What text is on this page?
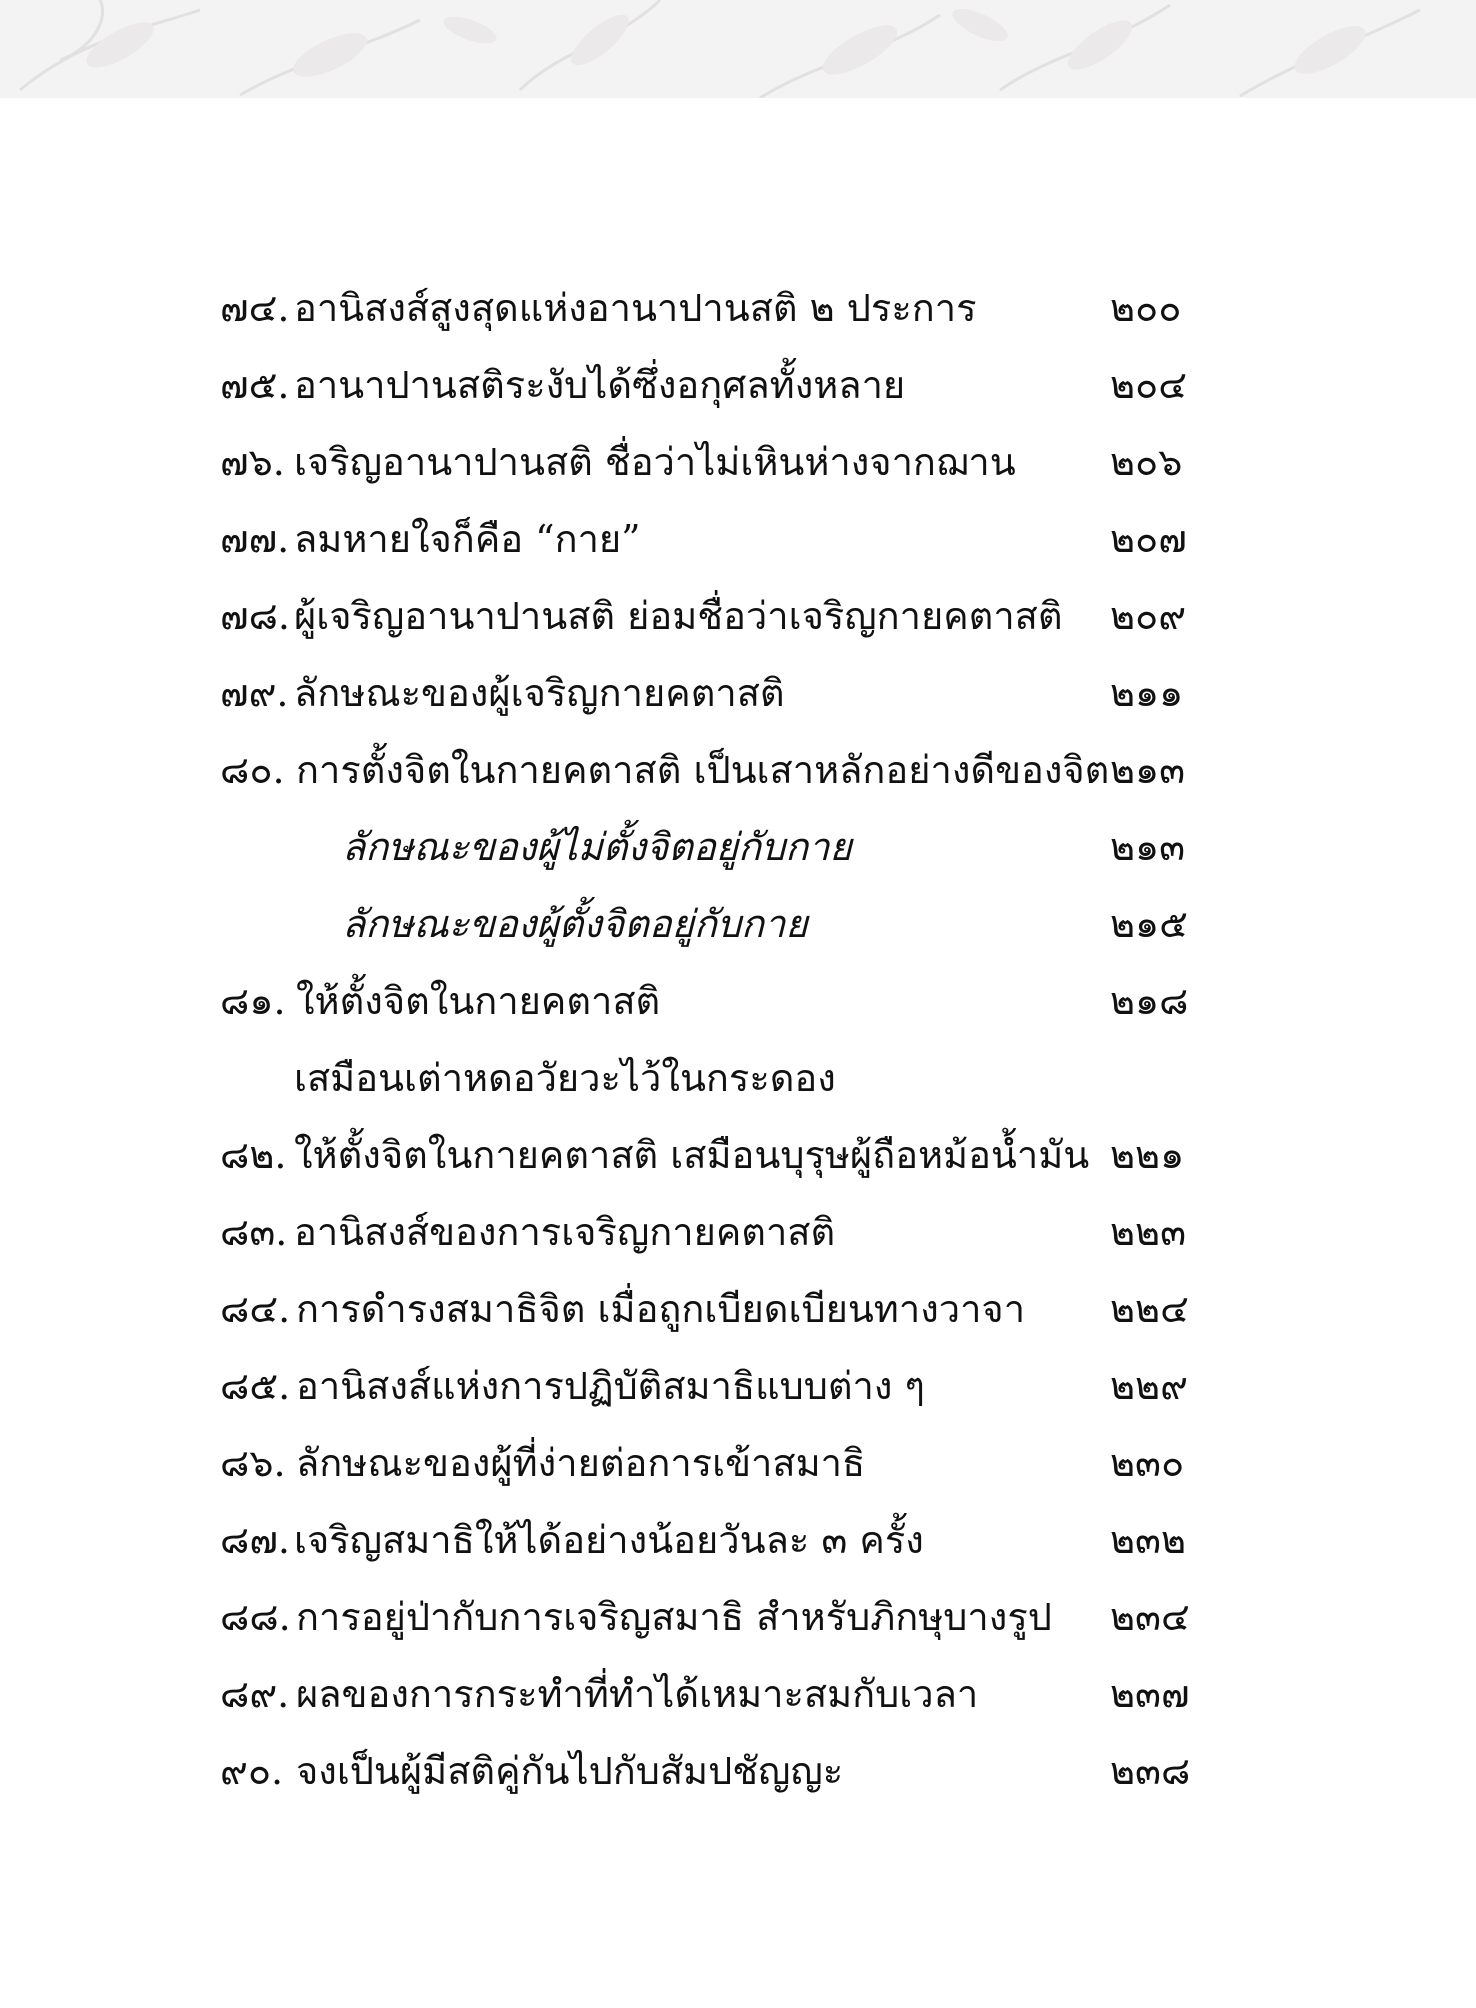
๗๔. อานิสงส์สูงสุดแห่งอานาปานสติ ๒ ประการ	๒๐๐
๗๕. อานาปานสติระงับได้ซึ่งอกุศลทั้งหลาย	๒๐๔
๗๖. เจริญอานาปานสติ ชื่อว่าไม่เหินห่างจากฌาน ๒๐๖
๗๗. ลมหายใจก็คือ “กาย”	๒๐๗
๗๘. ผู้เจริญอานาปานสติ ย่อมชื่อว่าเจริญกายคตาสติ ๒๐๙
๗๙. ลักษณะของผู้เจริญกายคตาสติ	๒๑๑
๘๐. การตั้งจิตในกายคตาสติ เป็นเสาหลักอย่างดีของจิต ๒๑๓
ลักษณะของผู้ไม่ตั้งจิตอยู่กับกาย	๒๑๓
ลักษณะของผู้ตั้งจิตอยู่กับกาย	๒๑๕
๘๑. ให้ตั้งจิตในกายคตาสติ	๒๑๘
เสมือนเต่าหดอวัยวะไว้ในกระดอง
๘๒. ให้ตั้งจิตในกายคตาสติ เสมือนบุรุษผู้ถือหม้อน้ำมัน ๒๒๑
๘๓. อานิสงส์ของการเจริญกายคตาสติ	๒๒๓
๘๔. การดำรงสมาธิจิต เมื่อถูกเบียดเบียนทางวาจา ๒๒๔
๘๕. อานิสงส์แห่งการปฏิบัติสมาธิแบบต่าง ๆ	๒๒๙
๘๖. ลักษณะของผู้ที่ง่ายต่อการเข้าสมาธิ	๒๓๐
๘๗. เจริญสมาธิให้ได้อย่างน้อยวันละ ๓ ครั้ง	๒๓๒
๘๘. การอยู่ป่ากับการเจริญสมาธิ สำหรับภิกษุบางรูป ๒๓๔
๘๙. ผลของการกระทำที่ทำได้เหมาะสมกับเวลา	๒๓๗
๙๐. จงเป็นผู้มีสติคู่กันไปกับสัมปชัญญะ	๒๓๘
